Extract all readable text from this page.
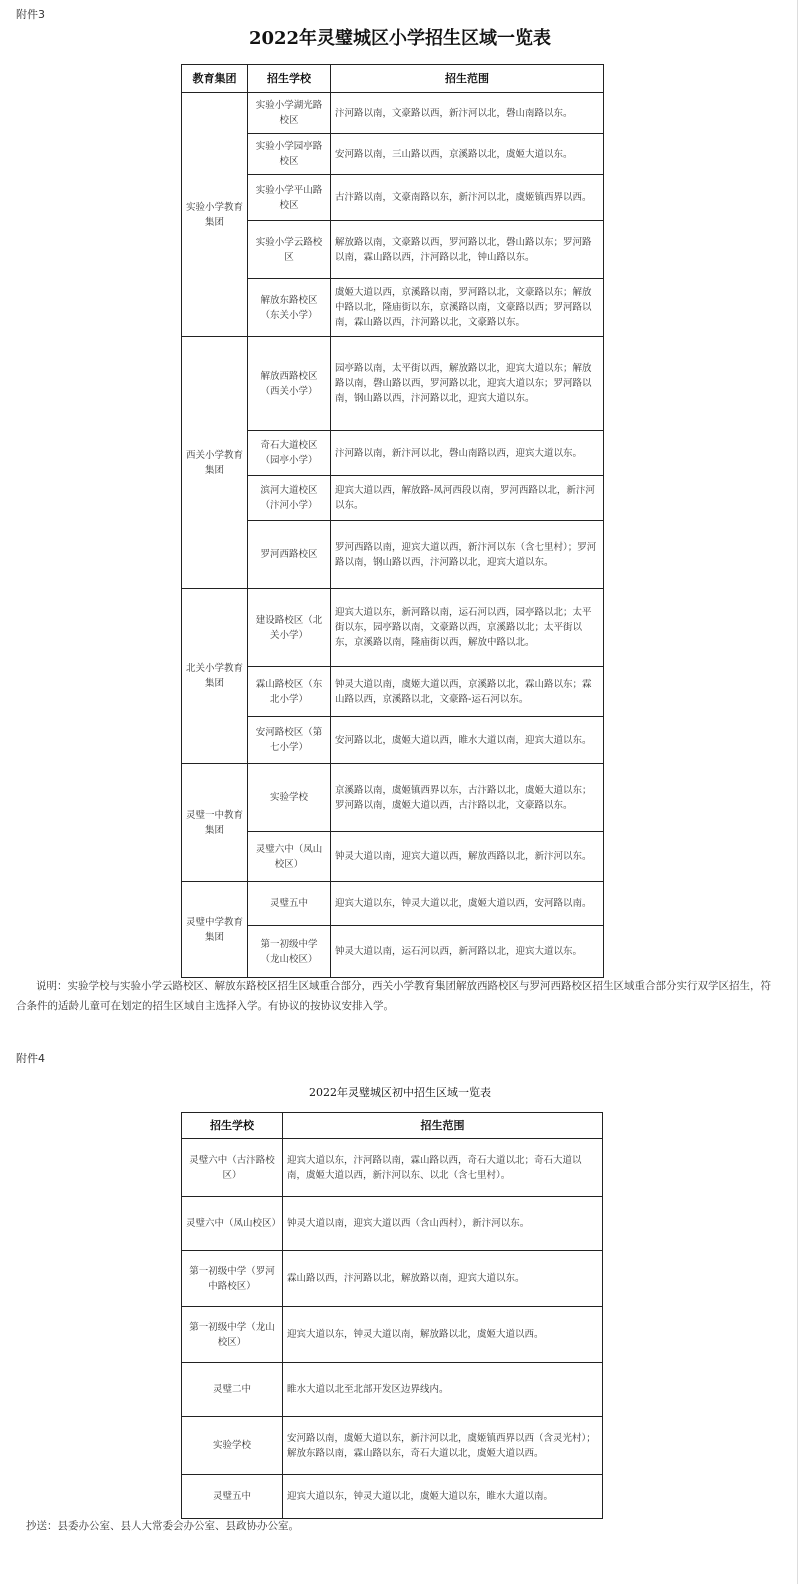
附件3
2022年灵璧城区小学招生区域一览表
教育集团	招生学校	招生范围
实验小学教育集团	实验小学湖光路校区	汴河路以南，文豪路以西，新汴河以北，磬山南路以东。
	实验小学园亭路校区	安河路以南，三山路以西，京溪路以北，虞姬大道以东。
	实验小学平山路校区	古汴路以南，文豪南路以东，新汴河以北，虞姬镇西界以西。
	实验小学云路校区	解放路以南，文豪路以西，罗河路以北，磬山路以东；罗河路以南，霖山路以西，汴河路以北，钟山路以东。
	解放东路校区（东关小学）	虞姬大道以西，京溪路以南，罗河路以北，文豪路以东；解放中路以北，隆庙街以东，京溪路以南，文豪路以西；罗河路以南，霖山路以西，汴河路以北，文豪路以东。
西关小学教育集团	解放西路校区（西关小学）	园亭路以南，太平街以西，解放路以北，迎宾大道以东；解放路以南，磬山路以西，罗河路以北，迎宾大道以东；罗河路以南，钢山路以西，汴河路以北，迎宾大道以东。
	奇石大道校区（园亭小学）	汴河路以南，新汴河以北，磬山南路以西，迎宾大道以东。
	滨河大道校区（汴河小学）	迎宾大道以西，解放路-凤河西段以南，罗河西路以北，新汴河以东。
	罗河西路校区	罗河西路以南，迎宾大道以西，新汴河以东（含七里村）；罗河路以南，钢山路以西，汴河路以北，迎宾大道以东。
北关小学教育集团	建设路校区（北关小学）	迎宾大道以东，新河路以南，运石河以西，园亭路以北；太平街以东，园亭路以南，文豪路以西，京溪路以北；太平街以东，京溪路以南，隆庙街以西，解放中路以北。
	霖山路校区（东北小学）	钟灵大道以南，虞姬大道以西，京溪路以北，霖山路以东；霖山路以西，京溪路以北，文豪路-运石河以东。
	安河路校区（第七小学）	安河路以北，虞姬大道以西，睢水大道以南，迎宾大道以东。
灵璧一中教育集团	实验学校	京溪路以南，虞姬镇西界以东，古汴路以北，虞姬大道以东；罗河路以南，虞姬大道以西，古汴路以北，文豪路以东。
	灵璧六中（凤山校区）	钟灵大道以南，迎宾大道以西，解放西路以北，新汴河以东。
灵璧中学教育集团	灵璧五中	迎宾大道以东，钟灵大道以北，虞姬大道以西，安河路以南。
	第一初级中学（龙山校区）	钟灵大道以南，运石河以西，新河路以北，迎宾大道以东。
说明：实验学校与实验小学云路校区、解放东路校区招生区域重合部分，西关小学教育集团解放西路校区与罗河西路校区招生区域重合部分实行双学区招生，符合条件的适龄儿童可在划定的招生区域自主选择入学。有协议的按协议安排入学。
附件4
2022年灵璧城区初中招生区域一览表
招生学校	招生范围
灵璧六中（古汴路校区）	迎宾大道以东，汴河路以南，霖山路以西，奇石大道以北；奇石大道以南，虞姬大道以西，新汴河以东、以北（含七里村）。
灵璧六中（凤山校区）	钟灵大道以南，迎宾大道以西（含山西村），新汴河以东。
第一初级中学（罗河中路校区）	霖山路以西，汴河路以北，解放路以南，迎宾大道以东。
第一初级中学（龙山校区）	迎宾大道以东，钟灵大道以南，解放路以北，虞姬大道以西。
灵璧二中	睢水大道以北至北部开发区边界线内。
实验学校	安河路以南，虞姬大道以东，新汴河以北，虞姬镇西界以西（含灵光村）；解放东路以南，霖山路以东，奇石大道以北，虞姬大道以西。
灵璧五中	迎宾大道以东，钟灵大道以北，虞姬大道以东，睢水大道以南。
抄送：县委办公室、县人大常委会办公室、县政协办公室。
